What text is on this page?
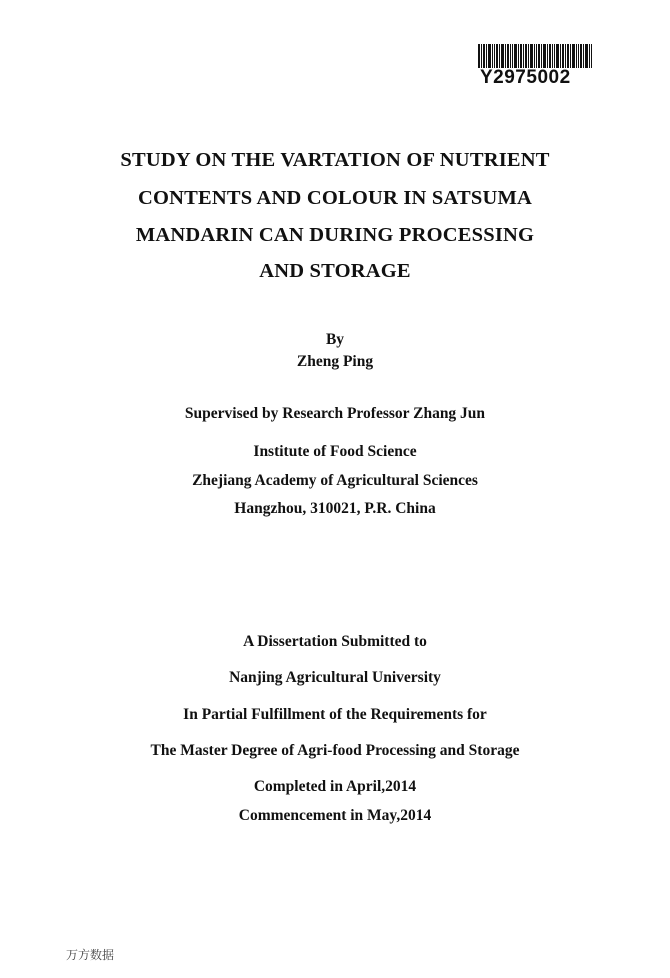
Y2975002
STUDY ON THE VARTATION OF NUTRIENT
CONTENTS AND COLOUR IN SATSUMA
MANDARIN CAN DURING PROCESSING
AND STORAGE
By
Zheng Ping
Supervised by Research Professor Zhang Jun
Institute of Food Science
Zhejiang Academy of Agricultural Sciences
Hangzhou, 310021, P.R. China
A Dissertation Submitted to
Nanjing Agricultural University
In Partial Fulfillment of the Requirements for
The Master Degree of Agri-food Processing and Storage
Completed in April,2014
Commencement in May,2014
万方数据
